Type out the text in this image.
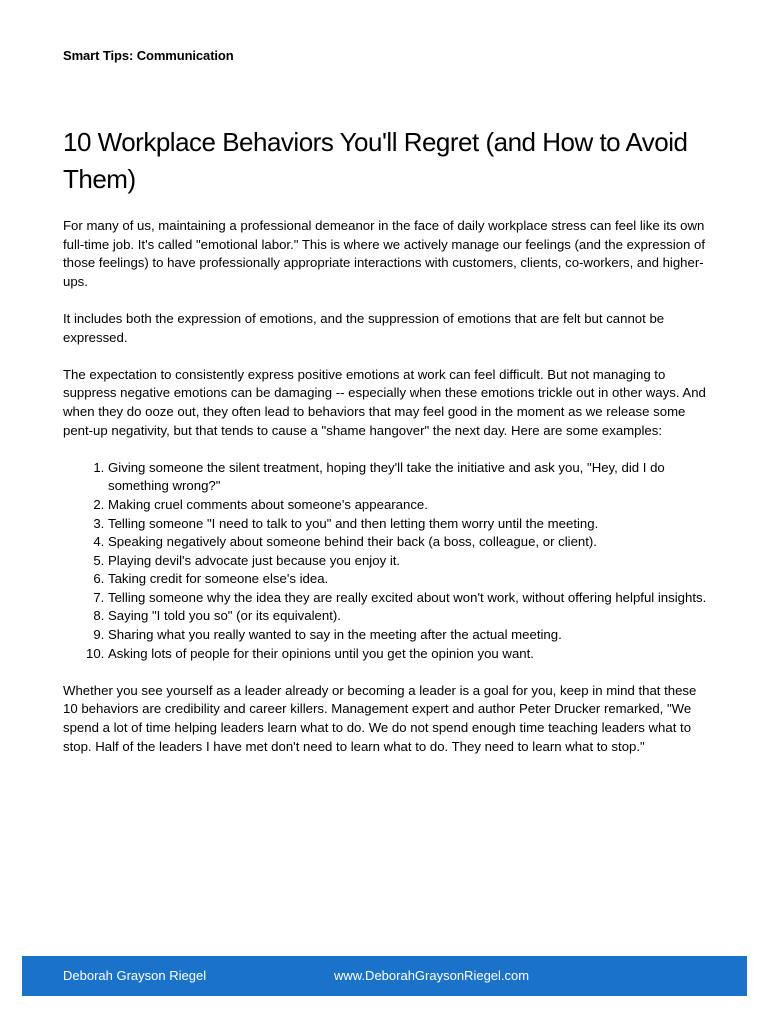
Smart Tips: Communication
10 Workplace Behaviors You'll Regret (and How to Avoid Them)

For many of us, maintaining a professional demeanor in the face of daily workplace stress can feel like its own full-time job. It's called "emotional labor." This is where we actively manage our feelings (and the expression of those feelings) to have professionally appropriate interactions with customers, clients, co-workers, and higher-ups.

It includes both the expression of emotions, and the suppression of emotions that are felt but cannot be expressed.

The expectation to consistently express positive emotions at work can feel difficult. But not managing to suppress negative emotions can be damaging -- especially when these emotions trickle out in other ways. And when they do ooze out, they often lead to behaviors that may feel good in the moment as we release some pent-up negativity, but that tends to cause a "shame hangover" the next day. Here are some examples:

1. Giving someone the silent treatment, hoping they'll take the initiative and ask you, "Hey, did I do something wrong?"
2. Making cruel comments about someone's appearance.
3. Telling someone "I need to talk to you" and then letting them worry until the meeting.
4. Speaking negatively about someone behind their back (a boss, colleague, or client).
5. Playing devil's advocate just because you enjoy it.
6. Taking credit for someone else's idea.
7. Telling someone why the idea they are really excited about won't work, without offering helpful insights.
8. Saying "I told you so" (or its equivalent).
9. Sharing what you really wanted to say in the meeting after the actual meeting.
10. Asking lots of people for their opinions until you get the opinion you want.

Whether you see yourself as a leader already or becoming a leader is a goal for you, keep in mind that these 10 behaviors are credibility and career killers. Management expert and author Peter Drucker remarked, "We spend a lot of time helping leaders learn what to do. We do not spend enough time teaching leaders what to stop. Half of the leaders I have met don't need to learn what to do. They need to learn what to stop."

Deborah Grayson Riegel	www.DeborahGraysonRiegel.com
